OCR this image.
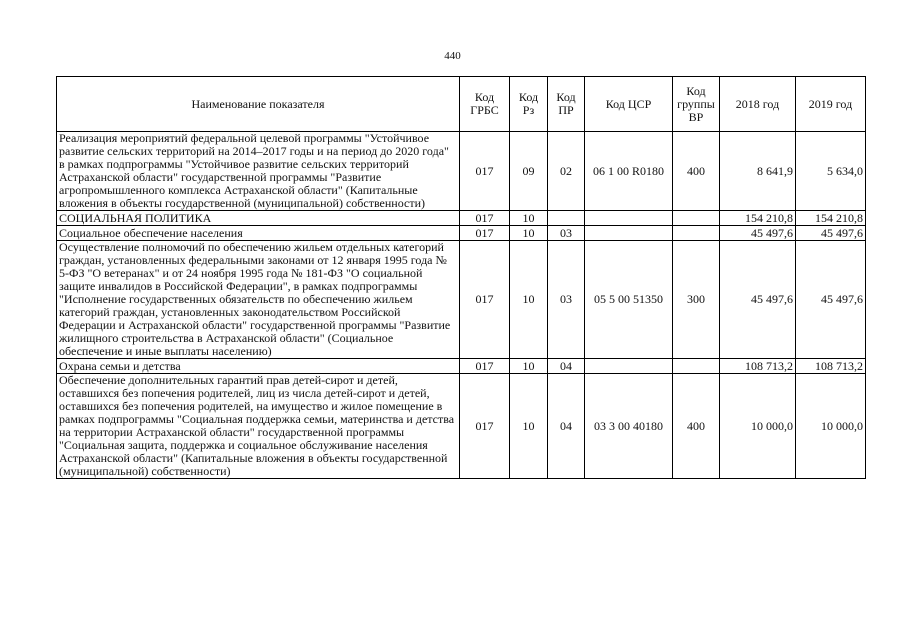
440
Наименование показателя	Код ГРБС	Код Рз	Код ПР	Код ЦСР	Код группы ВР	2018 год	2019 год
Реализация мероприятий федеральной целевой программы "Устойчивое развитие сельских территорий на 2014–2017 годы и на период до 2020 года" в рамках подпрограммы "Устойчивое развитие сельских территорий Астраханской области" государственной программы "Развитие агропромышленного комплекса Астраханской области" (Капитальные вложения в объекты государственной (муниципальной) собственности)	017	09	02	06 1 00 R0180	400	8 641,9	5 634,0
СОЦИАЛЬНАЯ ПОЛИТИКА	017	10				154 210,8	154 210,8
Социальное обеспечение населения	017	10	03			45 497,6	45 497,6
Осуществление полномочий по обеспечению жильем отдельных категорий граждан, установленных федеральными законами от 12 января 1995 года № 5-ФЗ "О ветеранах" и от 24 ноября 1995 года № 181-ФЗ "О социальной защите инвалидов в Российской Федерации", в рамках подпрограммы "Исполнение государственных обязательств по обеспечению жильем категорий граждан, установленных законодательством Российской Федерации и Астраханской области" государственной программы "Развитие жилищного строительства в Астраханской области" (Социальное обеспечение и иные выплаты населению)	017	10	03	05 5 00 51350	300	45 497,6	45 497,6
Охрана семьи и детства	017	10	04			108 713,2	108 713,2
Обеспечение дополнительных гарантий прав детей-сирот и детей, оставшихся без попечения родителей, лиц из числа детей-сирот и детей, оставшихся без попечения родителей, на имущество и жилое помещение в рамках подпрограммы "Социальная поддержка семьи, материнства и детства на территории Астраханской области" государственной программы "Социальная защита, поддержка и социальное обслуживание населения Астраханской области" (Капитальные вложения в объекты государственной (муниципальной) собственности)	017	10	04	03 3 00 40180	400	10 000,0	10 000,0
